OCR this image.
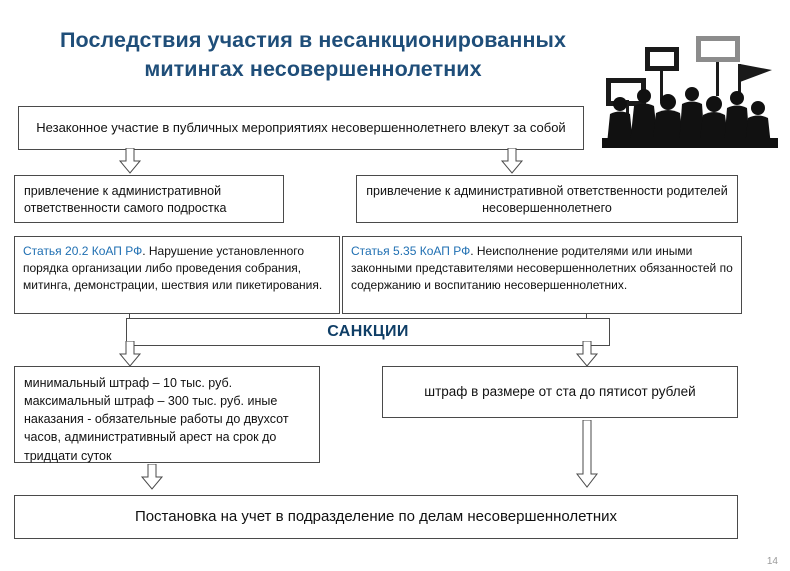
Последствия участия в несанкционированных митингах несовершеннолетних
Незаконное участие в публичных мероприятиях несовершеннолетнего влекут за собой
привлечение к административной ответственности самого подростка
привлечение к административной ответственности родителей несовершеннолетнего
Статья 20.2 КоАП РФ. Нарушение установленного порядка организации либо проведения собрания, митинга, демонстрации, шествия или пикетирования.
Статья 5.35 КоАП РФ. Неисполнение родителями или иными законными представителями несовершеннолетних обязанностей по содержанию и воспитанию несовершеннолетних.
САНКЦИИ
минимальный штраф – 10 тыс. руб. максимальный штраф – 300 тыс. руб. иные наказания - обязательные работы до двухсот часов, административный арест на срок до тридцати суток
штраф в размере от ста до пятисот рублей
Постановка на учет в подразделение по делам несовершеннолетних
14
